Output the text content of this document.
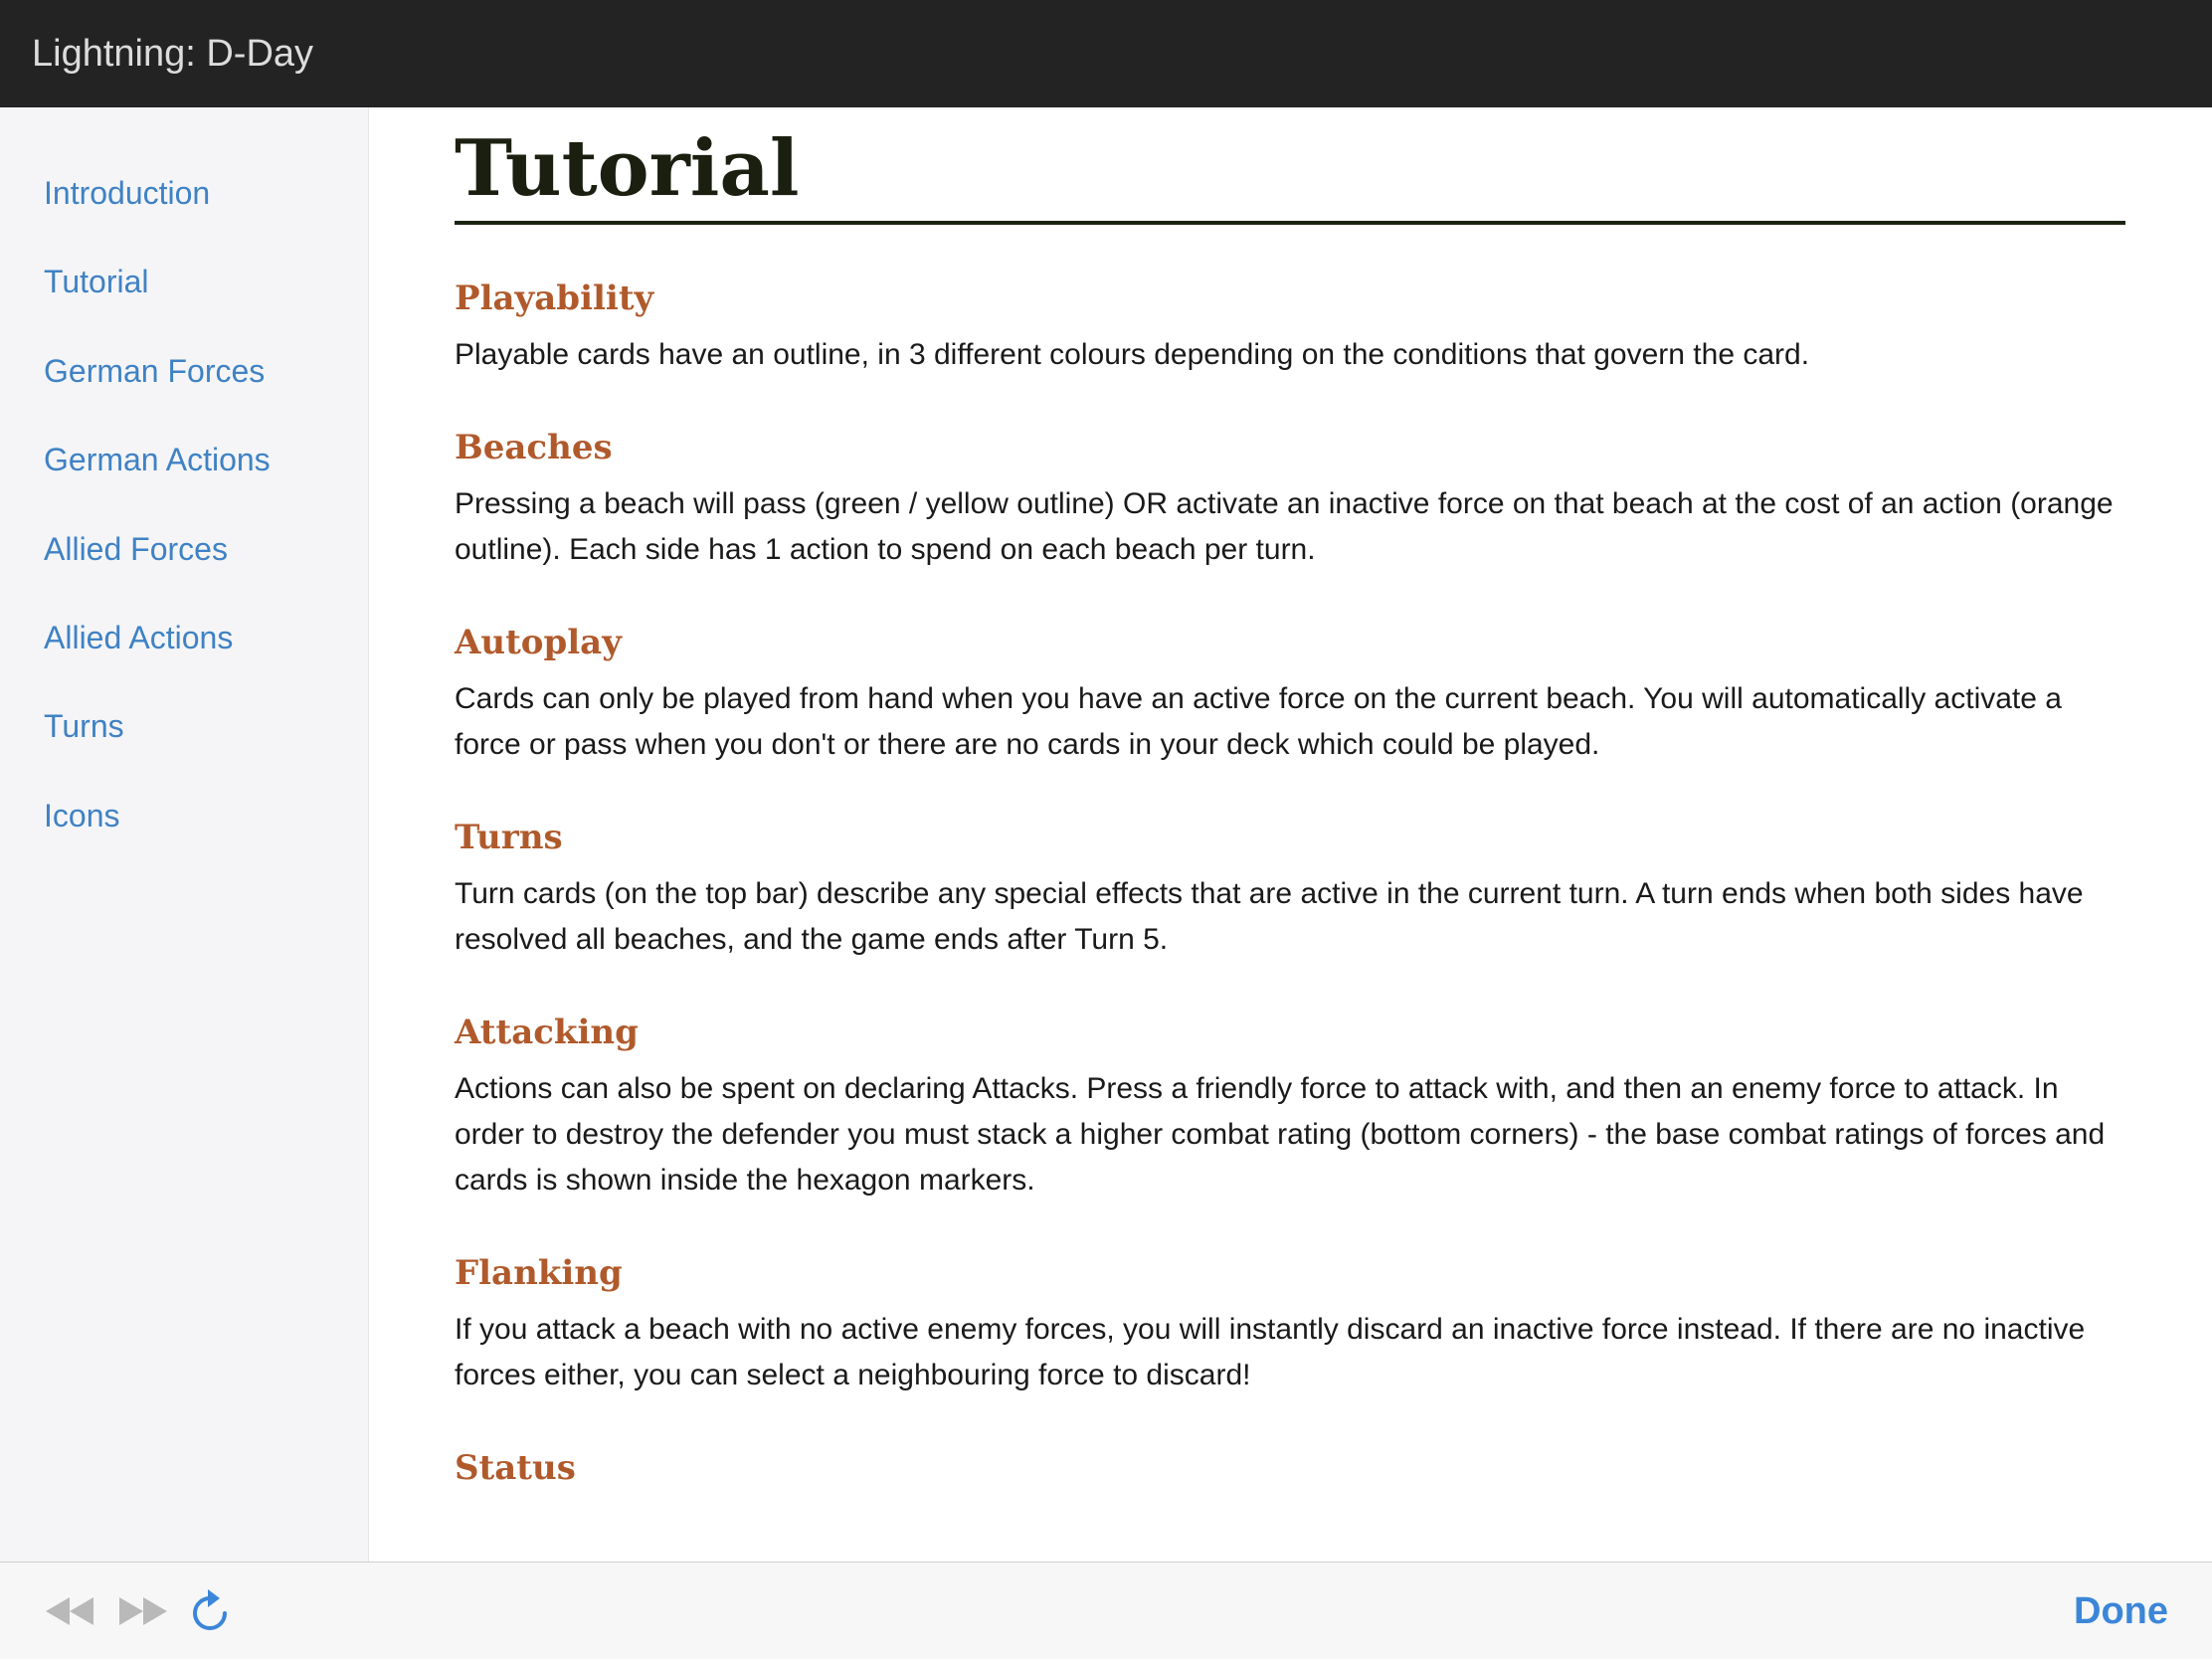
Lightning: D-Day
Introduction
Tutorial
German Forces
German Actions
Allied Forces
Allied Actions
Turns
Icons
Tutorial
Playability

Playable cards have an outline, in 3 different colours depending on the conditions that govern the card.

Beaches

Pressing a beach will pass (green / yellow outline) OR activate an inactive force on that beach at the cost of an action (orange outline). Each side has 1 action to spend on each beach per turn.

Autoplay

Cards can only be played from hand when you have an active force on the current beach. You will automatically activate a force or pass when you don't or there are no cards in your deck which could be played.

Turns

Turn cards (on the top bar) describe any special effects that are active in the current turn. A turn ends when both sides have resolved all beaches, and the game ends after Turn 5.

Attacking

Actions can also be spent on declaring Attacks. Press a friendly force to attack with, and then an enemy force to attack. In order to destroy the defender you must stack a higher combat rating (bottom corners) - the base combat ratings of forces and cards is shown inside the hexagon markers.

Flanking

If you attack a beach with no active enemy forces, you will instantly discard an inactive force instead. If there are no inactive forces either, you can select a neighbouring force to discard!

Status

Done
